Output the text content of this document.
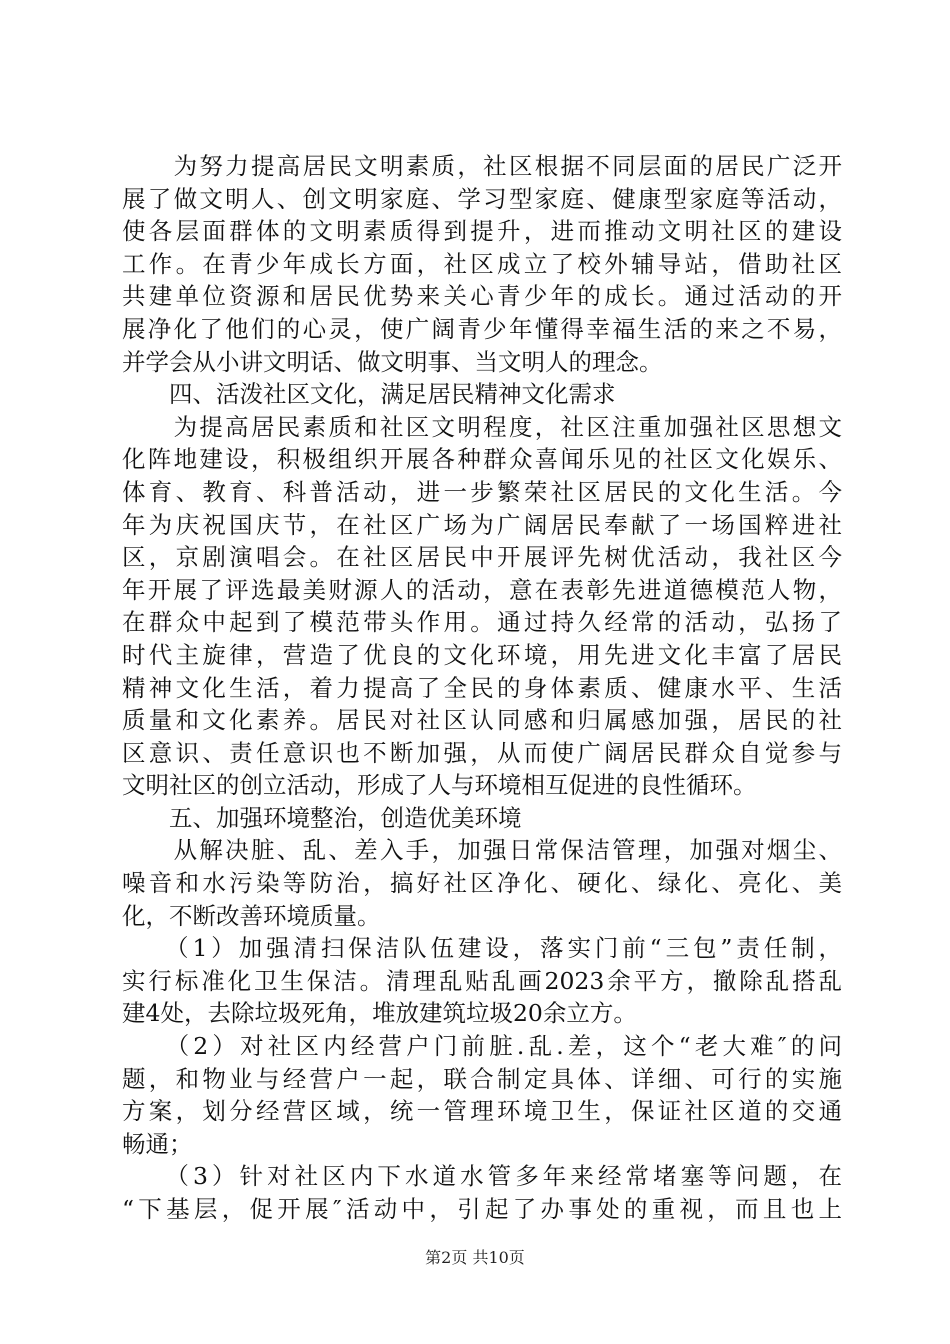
　　为努力提高居民文明素质，社区根据不同层面的居民广泛开
展了做文明人、创文明家庭、学习型家庭、健康型家庭等活动，
使各层面群体的文明素质得到提升，进而推动文明社区的建设
工作。在青少年成长方面，社区成立了校外辅导站，借助社区
共建单位资源和居民优势来关心青少年的成长。通过活动的开
展净化了他们的心灵，使广阔青少年懂得幸福生活的来之不易，
并学会从小讲文明话、做文明事、当文明人的理念。
　　四、活泼社区文化，满足居民精神文化需求
　　为提高居民素质和社区文明程度，社区注重加强社区思想文
化阵地建设，积极组织开展各种群众喜闻乐见的社区文化娱乐、
体育、教育、科普活动，进一步繁荣社区居民的文化生活。今
年为庆祝国庆节，在社区广场为广阔居民奉献了一场国粹进社
区，京剧演唱会。在社区居民中开展评先树优活动，我社区今
年开展了评选最美财源人的活动，意在表彰先进道德模范人物，
在群众中起到了模范带头作用。通过持久经常的活动，弘扬了
时代主旋律，营造了优良的文化环境，用先进文化丰富了居民
精神文化生活，着力提高了全民的身体素质、健康水平、生活
质量和文化素养。居民对社区认同感和归属感加强，居民的社
区意识、责任意识也不断加强，从而使广阔居民群众自觉参与
文明社区的创立活动，形成了人与环境相互促进的良性循环。
　　五、加强环境整治，创造优美环境
　　从解决脏、乱、差入手，加强日常保洁管理，加强对烟尘、
噪音和水污染等防治，搞好社区净化、硬化、绿化、亮化、美
化，不断改善环境质量。
　　（1）加强清扫保洁队伍建设，落实门前“三包”责任制，
实行标准化卫生保洁。清理乱贴乱画2023余平方，撤除乱搭乱
建4处，去除垃圾死角，堆放建筑垃圾20余立方。
　　（2）对社区内经营户门前脏.乱.差，这个“老大难″的问
题，和物业与经营户一起，联合制定具体、详细、可行的实施
方案，划分经营区域，统一管理环境卫生，保证社区道的交通
畅通；
　　（3）针对社区内下水道水管多年来经常堵塞等问题，在
“下基层，促开展″活动中，引起了办事处的重视，而且也上
第2页 共10页
